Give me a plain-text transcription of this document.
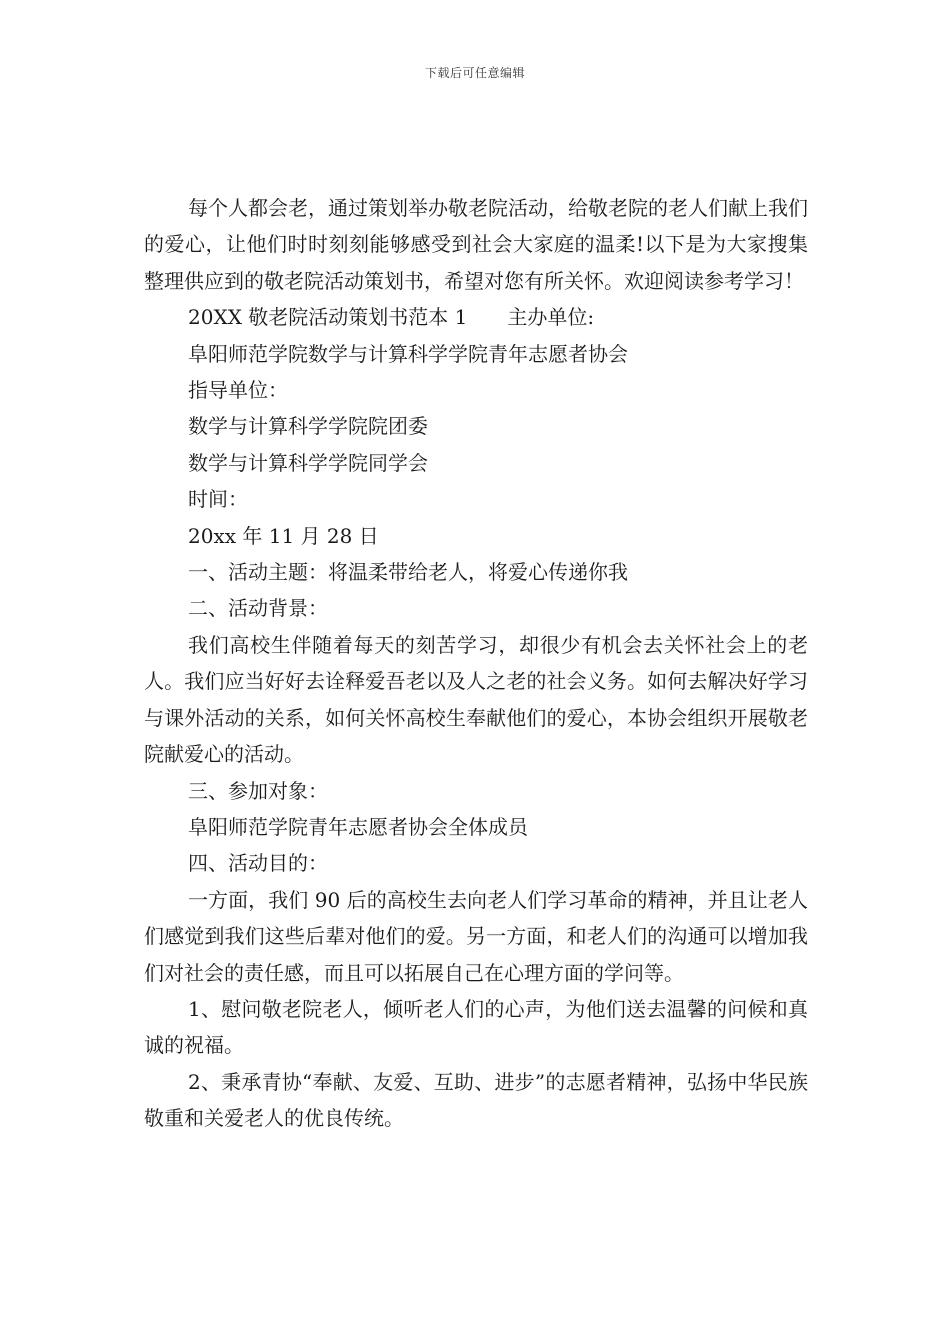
下载后可任意编辑

每个人都会老，通过策划举办敬老院活动，给敬老院的老人们献上我们的爱心，让他们时时刻刻能够感受到社会大家庭的温柔!以下是为大家搜集整理供应到的敬老院活动策划书，希望对您有所关怀。欢迎阅读参考学习！

20XX 敬老院活动策划书范本 1　　主办单位:

阜阳师范学院数学与计算科学学院青年志愿者协会

指导单位：

数学与计算科学学院院团委

数学与计算科学学院同学会

时间：

20xx 年 11 月 28 日

一、活动主题：将温柔带给老人，将爱心传递你我

二、活动背景：

我们高校生伴随着每天的刻苦学习，却很少有机会去关怀社会上的老人。我们应当好好去诠释爱吾老以及人之老的社会义务。如何去解决好学习与课外活动的关系，如何关怀高校生奉献他们的爱心，本协会组织开展敬老院献爱心的活动。

三、参加对象：

阜阳师范学院青年志愿者协会全体成员

四、活动目的：

一方面，我们 90 后的高校生去向老人们学习革命的精神，并且让老人们感觉到我们这些后辈对他们的爱。另一方面，和老人们的沟通可以增加我们对社会的责任感，而且可以拓展自己在心理方面的学问等。

1、慰问敬老院老人，倾听老人们的心声，为他们送去温馨的问候和真诚的祝福。

2、秉承青协“奉献、友爱、互助、进步”的志愿者精神，弘扬中华民族敬重和关爱老人的优良传统。
